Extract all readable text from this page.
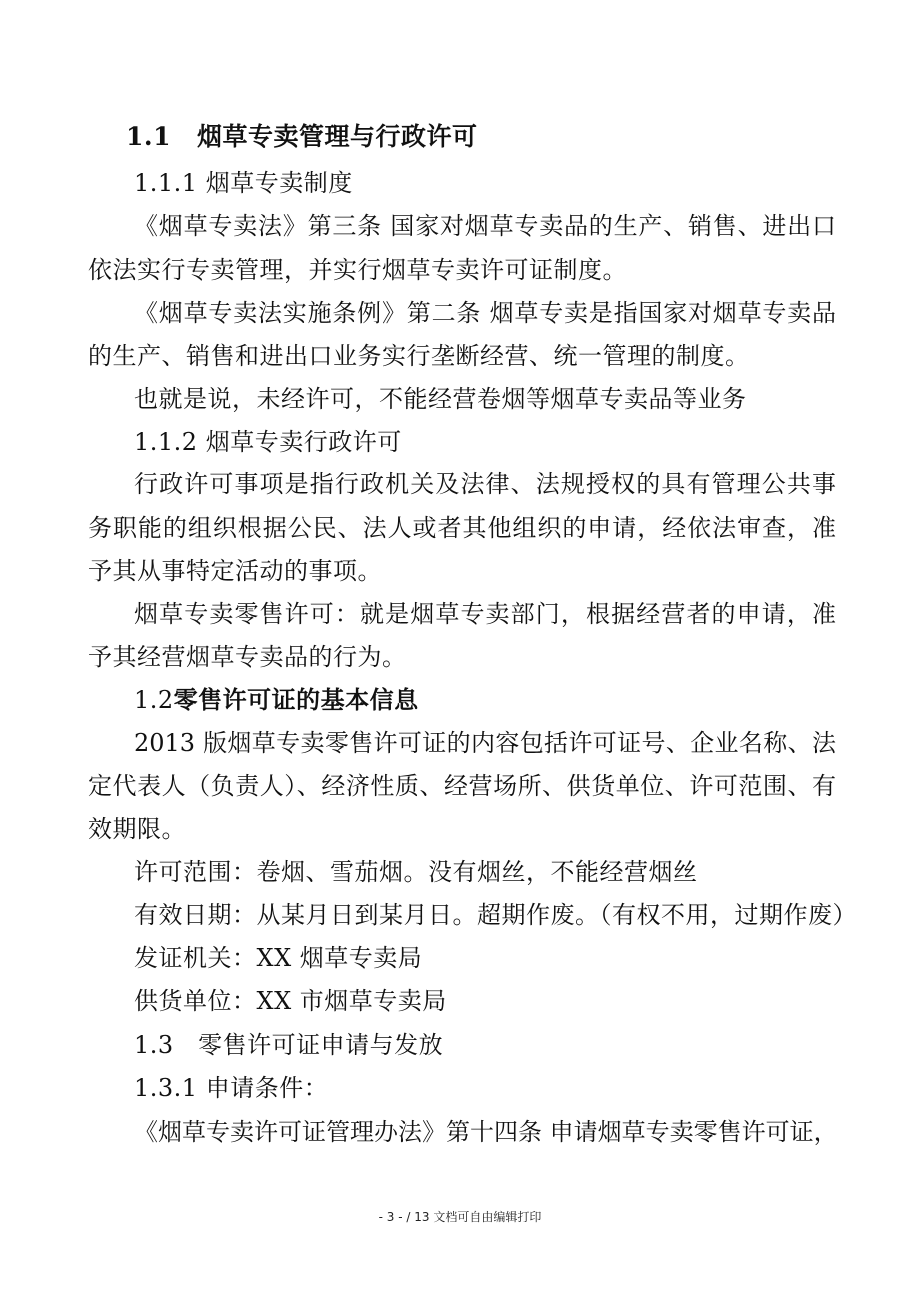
1.1 烟草专卖管理与行政许可
1.1.1 烟草专卖制度
《烟草专卖法》第三条 国家对烟草专卖品的生产、销售、进出口
依法实行专卖管理，并实行烟草专卖许可证制度。
《烟草专卖法实施条例》第二条 烟草专卖是指国家对烟草专卖品
的生产、销售和进出口业务实行垄断经营、统一管理的制度。
也就是说，未经许可，不能经营卷烟等烟草专卖品等业务
1.1.2 烟草专卖行政许可
行政许可事项是指行政机关及法律、法规授权的具有管理公共事
务职能的组织根据公民、法人或者其他组织的申请，经依法审查，准
予其从事特定活动的事项。
烟草专卖零售许可：就是烟草专卖部门，根据经营者的申请，准
予其经营烟草专卖品的行为。
1.2零售许可证的基本信息
2013 版烟草专卖零售许可证的内容包括许可证号、企业名称、法
定代表人（负责人）、经济性质、经营场所、供货单位、许可范围、有
效期限。
许可范围：卷烟、雪茄烟。没有烟丝，不能经营烟丝
有效日期：从某月日到某月日。超期作废。（有权不用，过期作废）
发证机关：XX 烟草专卖局
供货单位：XX 市烟草专卖局
1.3　零售许可证申请与发放
1.3.1 申请条件：
《烟草专卖许可证管理办法》第十四条 申请烟草专卖零售许可证，
- 3 - / 13 文档可自由编辑打印
